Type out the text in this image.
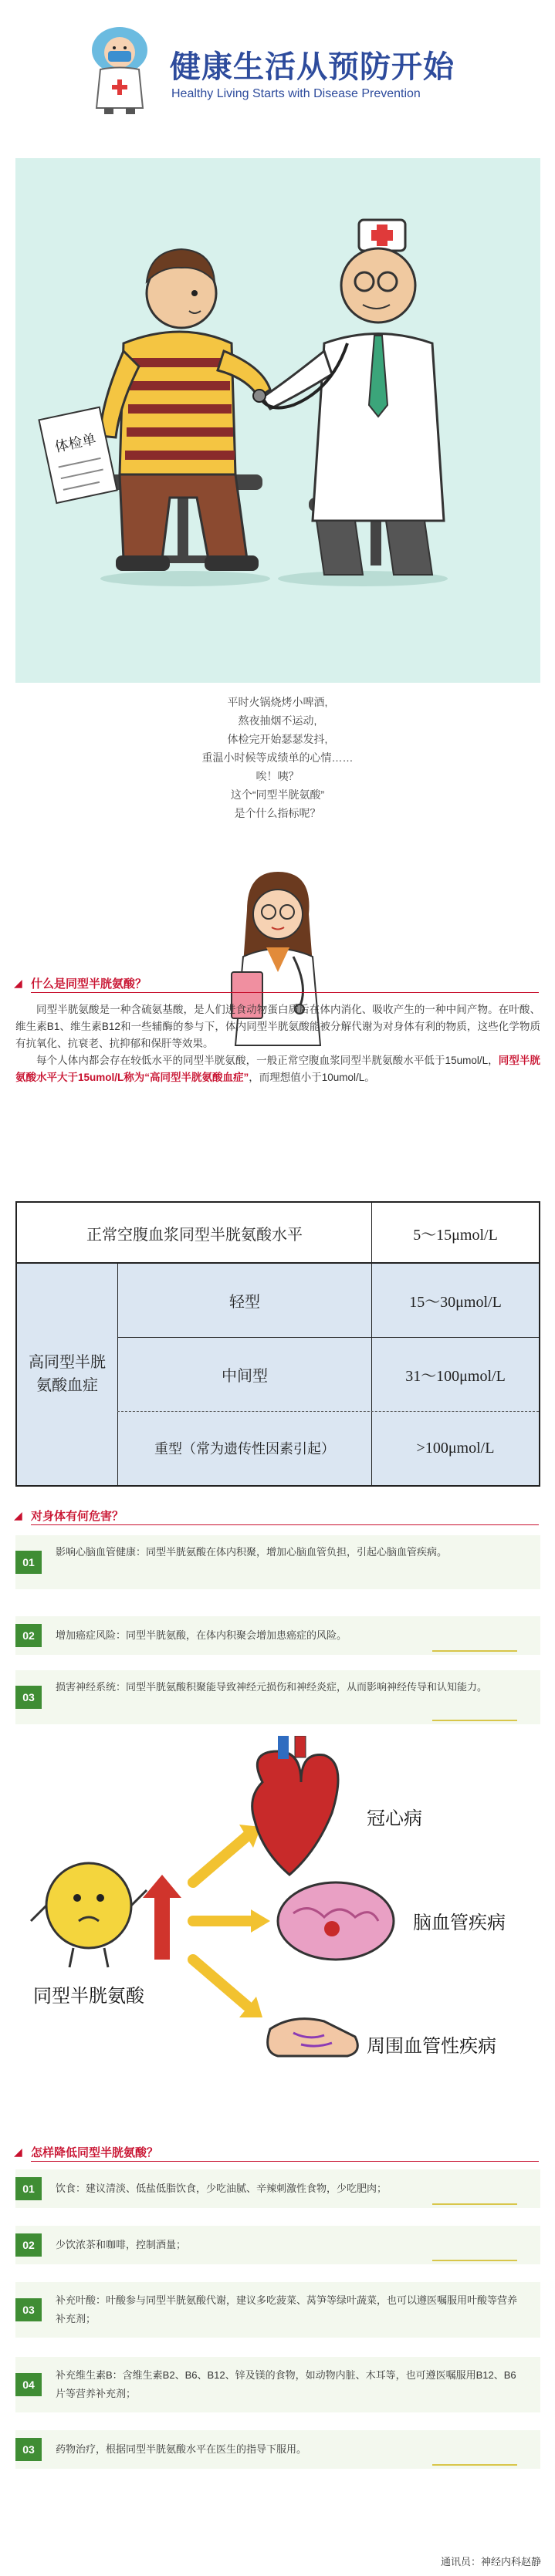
健康生活从预防开始
Healthy Living Starts with Disease Prevention
体检单
平时火锅烧烤小啤酒,
熬夜抽烟不运动,
体检完开始瑟瑟发抖,
重温小时候等成绩单的心情……
唉！咦？
这个“同型半胱氨酸”
是个什么指标呢？
◢ 什么是同型半胱氨酸？

同型半胱氨酸是一种含硫氨基酸，是人们进食动物蛋白质后在体内消化、吸收产生的一种中间产物。在叶酸、维生素B1、维生素B12和一些辅酶的参与下，体内同型半胱氨酸能被分解代谢为对身体有利的物质，这些化学物质有抗氧化、抗衰老、抗抑郁和保肝等效果。

每个人体内都会存在较低水平的同型半胱氨酸，一般正常空腹血浆同型半胱氨酸水平低于15umol/L，同型半胱氨酸水平大于15umol/L称为“高同型半胱氨酸血症”，而理想值小于10umol/L。

正常空腹血浆同型半胱氨酸水平	5～15μmol/L
高同型半胱氨酸血症
轻型	15～30μmol/L
中间型	31～100μmol/L
重型（常为遗传性因素引起）	>100μmol/L
◢ 对身体有何危害？
01
影响心脑血管健康：同型半胱氨酸在体内积聚，增加心脑血管负担，引起心脑血管疾病。
02	增加癌症风险：同型半胱氨酸，在体内积聚会增加患癌症的风险。
03
损害神经系统：同型半胱氨酸积聚能导致神经元损伤和神经炎症，从而影响神经传导和认知能力。
同型半胱氨酸
冠心病
脑血管疾病
周围血管性疾病
◢ 怎样降低同型半胱氨酸？
01	饮食：建议清淡、低盐低脂饮食，少吃油腻、辛辣刺激性食物，少吃肥肉；
02	少饮浓茶和咖啡，控制酒量；
03
补充叶酸：叶酸参与同型半胱氨酸代谢，建议多吃菠菜、莴笋等绿叶蔬菜，也可以遵医嘱服用叶酸等营养补充剂；
04
补充维生素B：含维生素B2、B6、B12、锌及镁的食物，如动物内脏、木耳等，也可遵医嘱服用B12、B6片等营养补充剂；
03	药物治疗，根据同型半胱氨酸水平在医生的指导下服用。
通讯员：神经内科赵静
